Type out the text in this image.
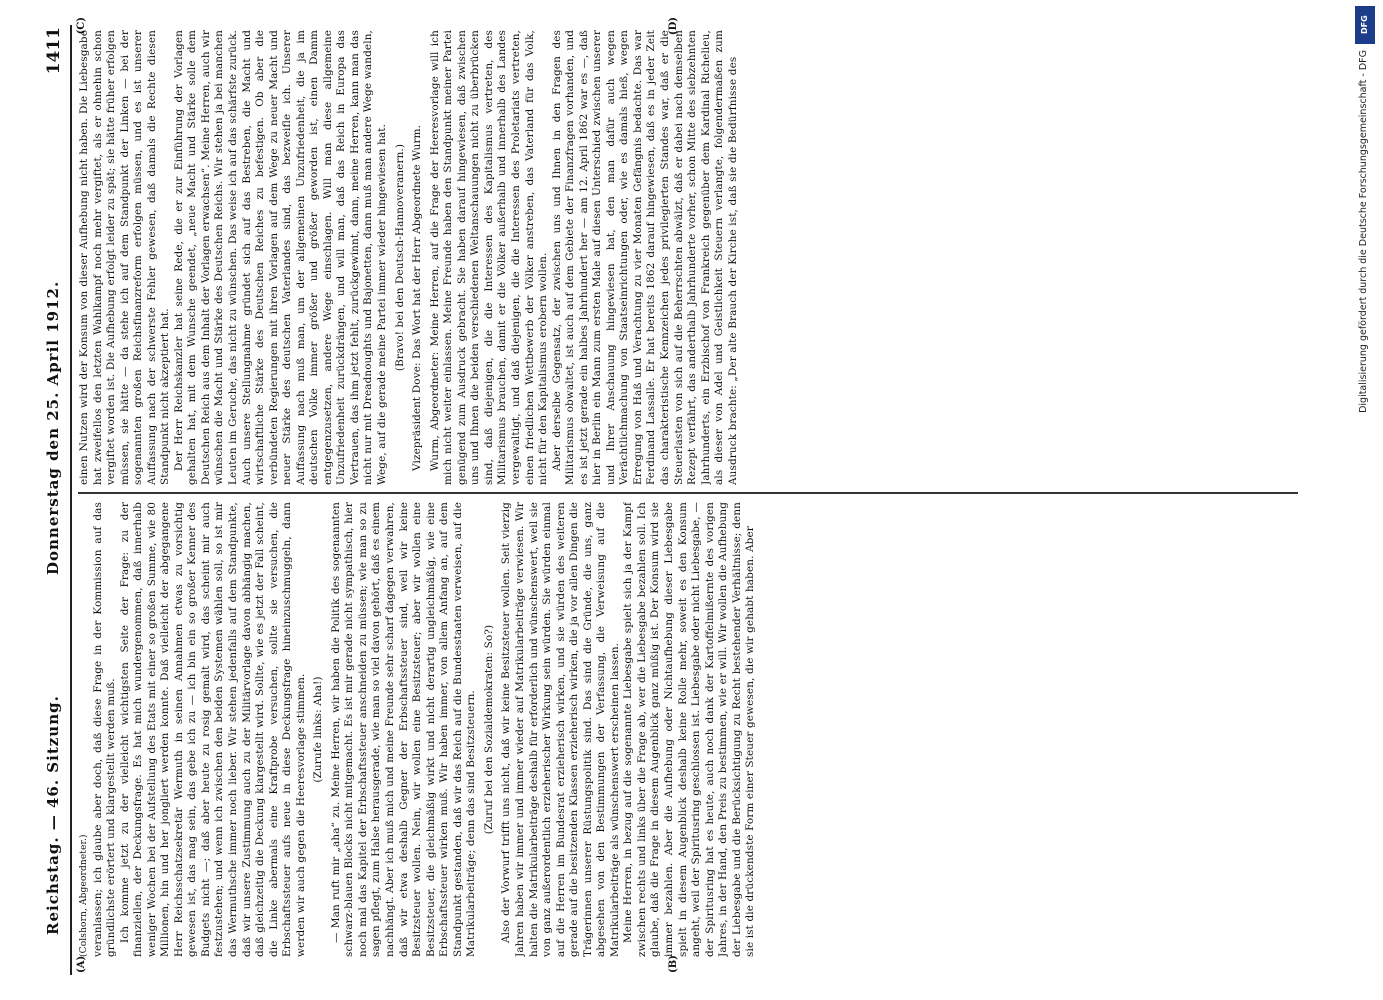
Reichstag. — 46. Sitzung.
Donnerstag den 25. April 1912.
1411
(A)	(B)
(C)	(D)

(Colshorn, Abgeordneter.) veranlassen; ich glaube aber doch, daß diese Frage in der Kommission auf das gründlichste erörtert und klargestellt werden muß. Ich komme jetzt zu der vielleicht wichtigsten Seite der Frage: zu der finanziellen, der Deckungsfrage. Es hat mich wundergenommen, daß innerhalb weniger Wochen bei der Aufstellung des Etats mit einer so großen Summe, wie 80 Millionen, hin und her jongliert werden konnte. Daß vielleicht der abgegangene Herr Reichsschatzsekretär Wermuth in seinen Annahmen etwas zu vorsichtig gewesen ist, das mag sein, das gebe ich zu — ich bin ein so großer Kenner des Budgets nicht —; daß aber heute zu rosig gemalt wird, das scheint mir auch festzustehen; und wenn ich zwischen den beiden Systemen wählen soll, so ist mir das Wermuthsche immer noch lieber. Wir stehen jedenfalls auf dem Standpunkte, daß wir unsere Zustimmung auch zu der Militärvorlage davon abhängig machen, daß gleichzeitig die Deckung klargestellt wird. Sollte, wie es jetzt der Fall scheint, die Linke abermals eine Kraftprobe versuchen, sollte sie versuchen, die Erbschaftssteuer aufs neue in diese Deckungsfrage hineinzuschmuggeln, dann werden wir auch gegen die Heeresvorlage stimmen. (Zurufe links: Aha!) — Man ruft mir „aha“ zu. Meine Herren, wir haben die Politik des sogenannten schwarz-blauen Blocks nicht mitgemacht. Es ist mir gerade nicht sympathisch, hier noch mal das Kapitel der Erbschaftssteuer anschneiden zu müssen; wie man so zu sagen pflegt, zum Halse herausgerade, wie man so viel davon gehört, daß es einem nachhängt. Aber ich muß mich und meine Freunde sehr scharf dagegen verwahren, daß wir etwa deshalb Gegner der Erbschaftssteuer sind, weil wir keine Besitzsteuer wollen. Nein, wir wollen eine Besitzsteuer; aber wir wollen eine Besitzsteuer, die gleichmäßig wirkt und nicht derartig ungleichmäßig, wie eine Erbschaftssteuer wirken muß. Wir haben immer, von allem Anfang an, auf dem Standpunkt gestanden, daß wir das Reich auf die Bundesstaaten verweisen, auf die Matrikularbeiträge; denn das sind Besitzsteuern. (Zuruf bei den Sozialdemokraten: So?) Also der Vorwurf trifft uns nicht, daß wir keine Besitzsteuer wollen. Seit vierzig Jahren haben wir immer und immer wieder auf Matrikularbeiträge verwiesen. Wir halten die Matrikularbeiträge deshalb für erforderlich und wünschenswert, weil sie von ganz außerordentlich erzieherischer Wirkung sein würden. Sie würden einmal auf die Herren im Bundesrat erzieherisch wirken, und sie würden des weiteren gerade auf die besitzenden Klassen erzieherisch wirken, die ja vor allen Dingen die Trägerinnen unserer Rüstungspolitik sind. Das sind die Gründe, die uns, ganz abgesehen von den Bestimmungen der Verfassung, die Verweisung auf die Matrikularbeiträge als wünschenswert erscheinen lassen. Meine Herren, in bezug auf die sogenannte Liebesgabe spielt sich ja der Kampf zwischen rechts und links über die Frage ab, wer die Liebesgabe bezahlen soll. Ich glaube, daß die Frage in diesem Augenblick ganz müßig ist. Der Konsum wird sie immer bezahlen. Aber die Aufhebung oder Nichtaufhebung dieser Liebesgabe spielt in diesem Augenblick deshalb keine Rolle mehr, soweit es den Konsum angeht, weil der Spiritusring geschlossen ist. Liebesgabe oder nicht Liebesgabe, — der Spiritusring hat es heute, auch noch dank der Kartoffelmißernte des vorigen Jahres, in der Hand, den Preis zu bestimmen, wie er will. Wir wollen die Aufhebung der Liebesgabe und die Berücksichtigung zu Recht bestehender Verhältnisse; denn sie ist die drückendste Form einer Steuer gewesen, die wir gehabt haben. Aber

einen Nutzen wird der Konsum von dieser Aufhebung nicht haben. Die Liebesgabe hat zweifellos den letzten Wahlkampf noch mehr vergiftet, als er ohnehin schon vergiftet worden ist. Die Aufhebung erfolgt leider zu spät; sie hätte früher erfolgen müssen, sie hätte — da stehe ich auf dem Standpunkt der Linken — bei der sogenannten großen Reichsfinanzreform erfolgen müssen, und es ist unserer Auffassung nach der schwerste Fehler gewesen, daß damals die Rechte diesen Standpunkt nicht akzeptiert hat. Der Herr Reichskanzler hat seine Rede, die er zur Einführung der Vorlagen gehalten hat, mit dem Wunsche geendet, „neue Macht und Stärke solle dem Deutschen Reich aus dem Inhalt der Vorlagen erwachsen“. Meine Herren, auch wir wünschen die Macht und Stärke des Deutschen Reichs. Wir stehen ja bei manchen Leuten im Geruche, das nicht zu wünschen. Das weise ich auf das schärfste zurück. Auch unsere Stellungnahme gründet sich auf das Bestreben, die Macht und wirtschaftliche Stärke des Deutschen Reiches zu befestigen. Ob aber die verbündeten Regierungen mit ihren Vorlagen auf dem Wege zu neuer Macht und neuer Stärke des deutschen Vaterlandes sind, das bezweifle ich. Unserer Auffassung nach muß man, um der allgemeinen Unzufriedenheit, die ja im deutschen Volke immer größer und größer geworden ist, einen Damm entgegenzusetzen, andere Wege einschlagen. Will man diese allgemeine Unzufriedenheit zurückdrängen, und will man, daß das Reich in Europa das Vertrauen, das ihm jetzt fehlt, zurückgewinnt, dann, meine Herren, kann man das nicht nur mit Dreadnoughts und Bajonetten, dann muß man andere Wege wandeln, Wege, auf die gerade meine Partei immer wieder hingewiesen hat. (Bravo! bei den Deutsch-Hannoveranern.) Vizepräsident Dove: Das Wort hat der Herr Abgeordnete Wurm. Wurm, Abgeordneter: Meine Herren, auf die Frage der Heeresvorlage will ich mich nicht weiter einlassen. Meine Freunde haben den Standpunkt meiner Partei genügend zum Ausdruck gebracht. Sie haben darauf hingewiesen, daß zwischen uns und Ihnen die beiden verschiedenen Weltanschauungen nicht zu überbrücken sind, daß diejenigen, die die Interessen des Kapitalismus vertreten, des Militarismus brauchen, damit er die Völker außerhalb und innerhalb des Landes vergewaltigt, und daß diejenigen, die die Interessen des Proletariats vertreten, einen friedlichen Wettbewerb der Völker anstreben, das Vaterland für das Volk, nicht für den Kapitalismus erobern wollen. Aber derselbe Gegensatz, der zwischen uns und Ihnen in den Fragen des Militarismus obwaltet, ist auch auf dem Gebiete der Finanzfragen vorhanden, und es ist jetzt gerade ein halbes Jahrhundert her — am 12. April 1862 war es —, daß hier in Berlin ein Mann zum ersten Male auf diesen Unterschied zwischen unserer und Ihrer Anschauung hingewiesen hat, den man dafür auch wegen Verächtlichmachung von Staatseinrichtungen oder, wie es damals hieß, wegen Erregung von Haß und Verachtung zu vier Monaten Gefängnis bedachte. Das war Ferdinand Lassalle. Er hat bereits 1862 darauf hingewiesen, daß es in jeder Zeit das charakteristische Kennzeichen jedes privilegierten Standes war, daß er die Steuerlasten von sich auf die Beherrschten abwälzt, daß er dabei nach demselben Rezept verfährt, das anderthalb Jahrhunderte vorher, schon Mitte des siebzehnten Jahrhunderts, ein Erzbischof von Frankreich gegenüber dem Kardinal Richelieu, als dieser von Adel und Geistlichkeit Steuern verlangte, folgendermaßen zum Ausdruck brachte: „Der alte Brauch der Kirche ist, daß sie die Bedürfnisse des

DFG
Digitalisierung gefördert durch die Deutsche Forschungsgemeinschaft - DFG
